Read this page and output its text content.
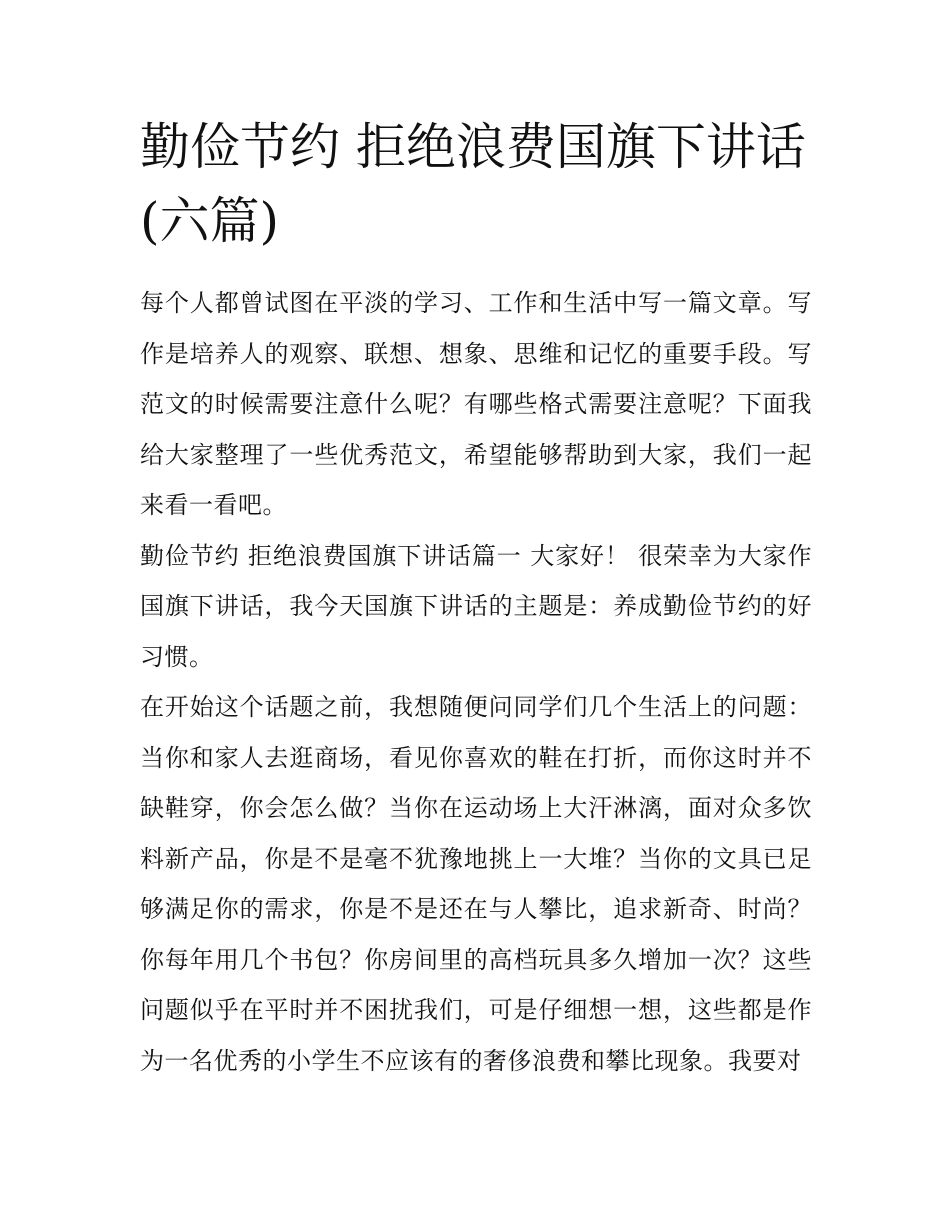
勤俭节约 拒绝浪费国旗下讲话(六篇)

每个人都曾试图在平淡的学习、工作和生活中写一篇文章。写作是培养人的观察、联想、想象、思维和记忆的重要手段。写范文的时候需要注意什么呢？有哪些格式需要注意呢？下面我给大家整理了一些优秀范文，希望能够帮助到大家，我们一起来看一看吧。

勤俭节约 拒绝浪费国旗下讲话篇一 大家好！ 很荣幸为大家作国旗下讲话，我今天国旗下讲话的主题是：养成勤俭节约的好习惯。

在开始这个话题之前，我想随便问同学们几个生活上的问题：当你和家人去逛商场，看见你喜欢的鞋在打折，而你这时并不缺鞋穿，你会怎么做？当你在运动场上大汗淋漓，面对众多饮料新产品，你是不是毫不犹豫地挑上一大堆？当你的文具已足够满足你的需求，你是不是还在与人攀比，追求新奇、时尚？你每年用几个书包？你房间里的高档玩具多久增加一次？这些问题似乎在平时并不困扰我们，可是仔细想一想，这些都是作为一名优秀的小学生不应该有的奢侈浪费和攀比现象。我要对
